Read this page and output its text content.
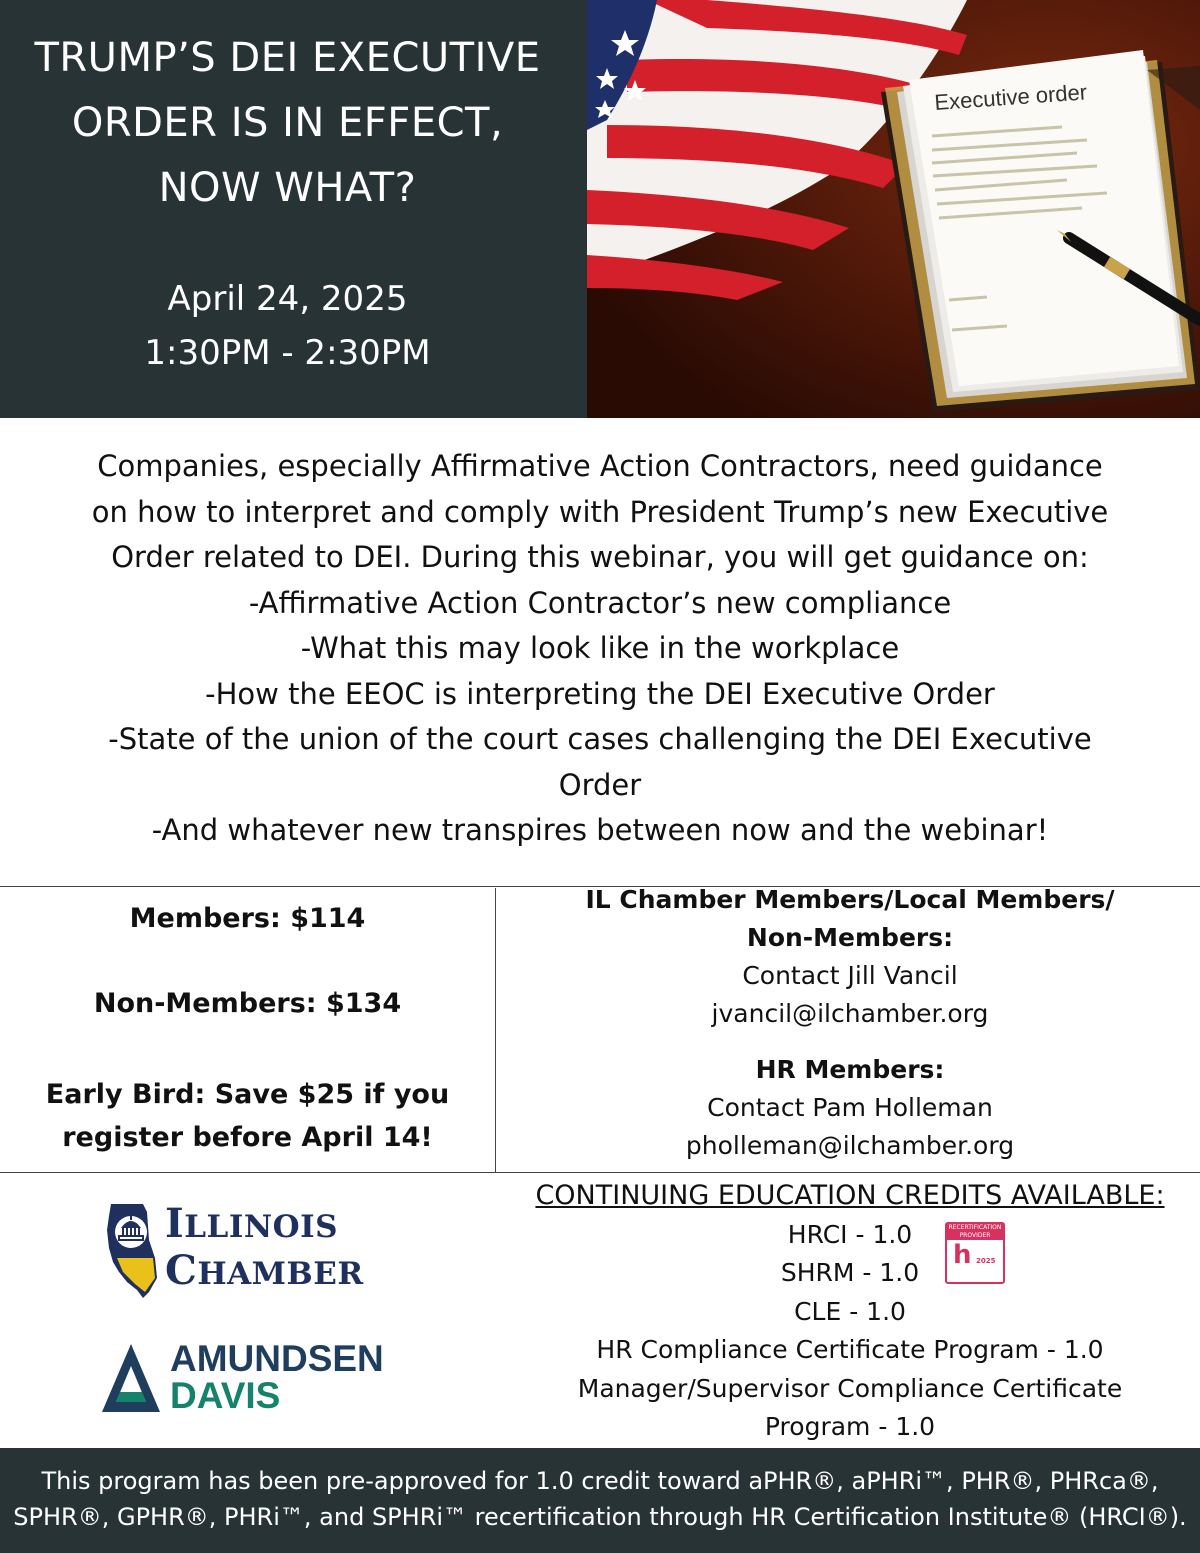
TRUMP’S DEI EXECUTIVE
ORDER IS IN EFFECT,
NOW WHAT?
April 24, 2025
1:30PM - 2:30PM
Executive order
Companies, especially Affirmative Action Contractors, need guidance
on how to interpret and comply with President Trump’s new Executive
Order related to DEI. During this webinar, you will get guidance on:
-Affirmative Action Contractor’s new compliance
-What this may look like in the workplace
-How the EEOC is interpreting the DEI Executive Order
-State of the union of the court cases challenging the DEI Executive
Order
-And whatever new transpires between now and the webinar!
Members: $114
Non-Members: $134
Early Bird: Save $25 if you
register before April 14!
IL Chamber Members/Local Members/
Non-Members:
Contact Jill Vancil
jvancil@ilchamber.org
HR Members:
Contact Pam Holleman
pholleman@ilchamber.org
ILLINOIS
CHAMBER
AMUNDSEN
DAVIS
CONTINUING EDUCATION CREDITS AVAILABLE:
HRCI - 1.0
SHRM - 1.0
CLE - 1.0
HR Compliance Certificate Program - 1.0
Manager/Supervisor Compliance Certificate
Program - 1.0
RECERTIFICATION PROVIDER
h 2025
This program has been pre-approved for 1.0 credit toward aPHR®, aPHRi™, PHR®, PHRca®,
SPHR®, GPHR®, PHRi™, and SPHRi™ recertification through HR Certification Institute® (HRCI®).
